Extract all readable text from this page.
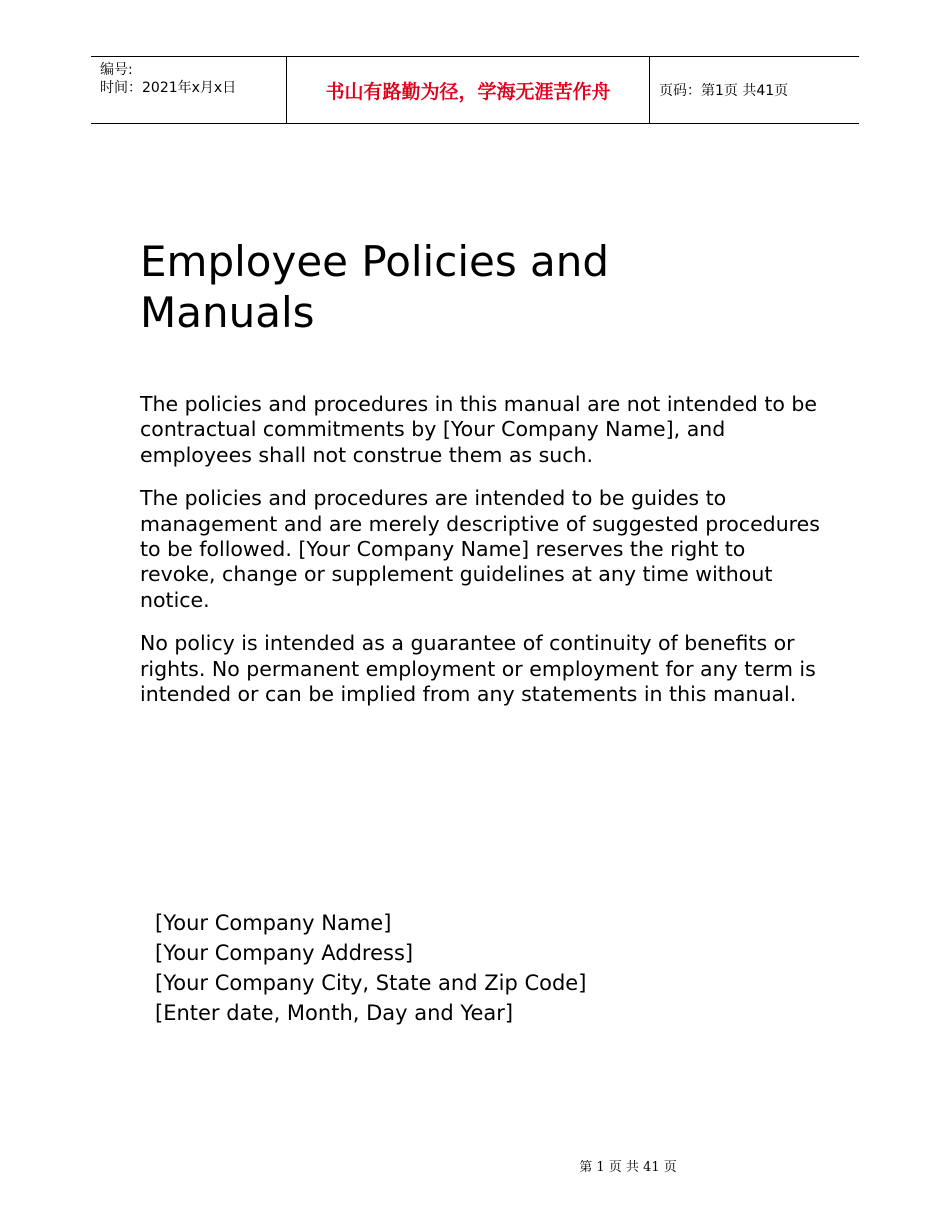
编号:
时间：2021年x月x日	书山有路勤为径，学海无涯苦作舟	页码：第1页 共41页
Employee Policies and Manuals

The policies and procedures in this manual are not intended to be contractual commitments by [Your Company Name], and employees shall not construe them as such.

The policies and procedures are intended to be guides to management and are merely descriptive of suggested procedures to be followed. [Your Company Name] reserves the right to revoke, change or supplement guidelines at any time without notice.

No policy is intended as a guarantee of continuity of benefits or rights. No permanent employment or employment for any term is intended or can be implied from any statements in this manual.

[Your Company Name]
[Your Company Address]
[Your Company City, State and Zip Code]
[Enter date, Month, Day and Year]
第 1 页 共 41 页
